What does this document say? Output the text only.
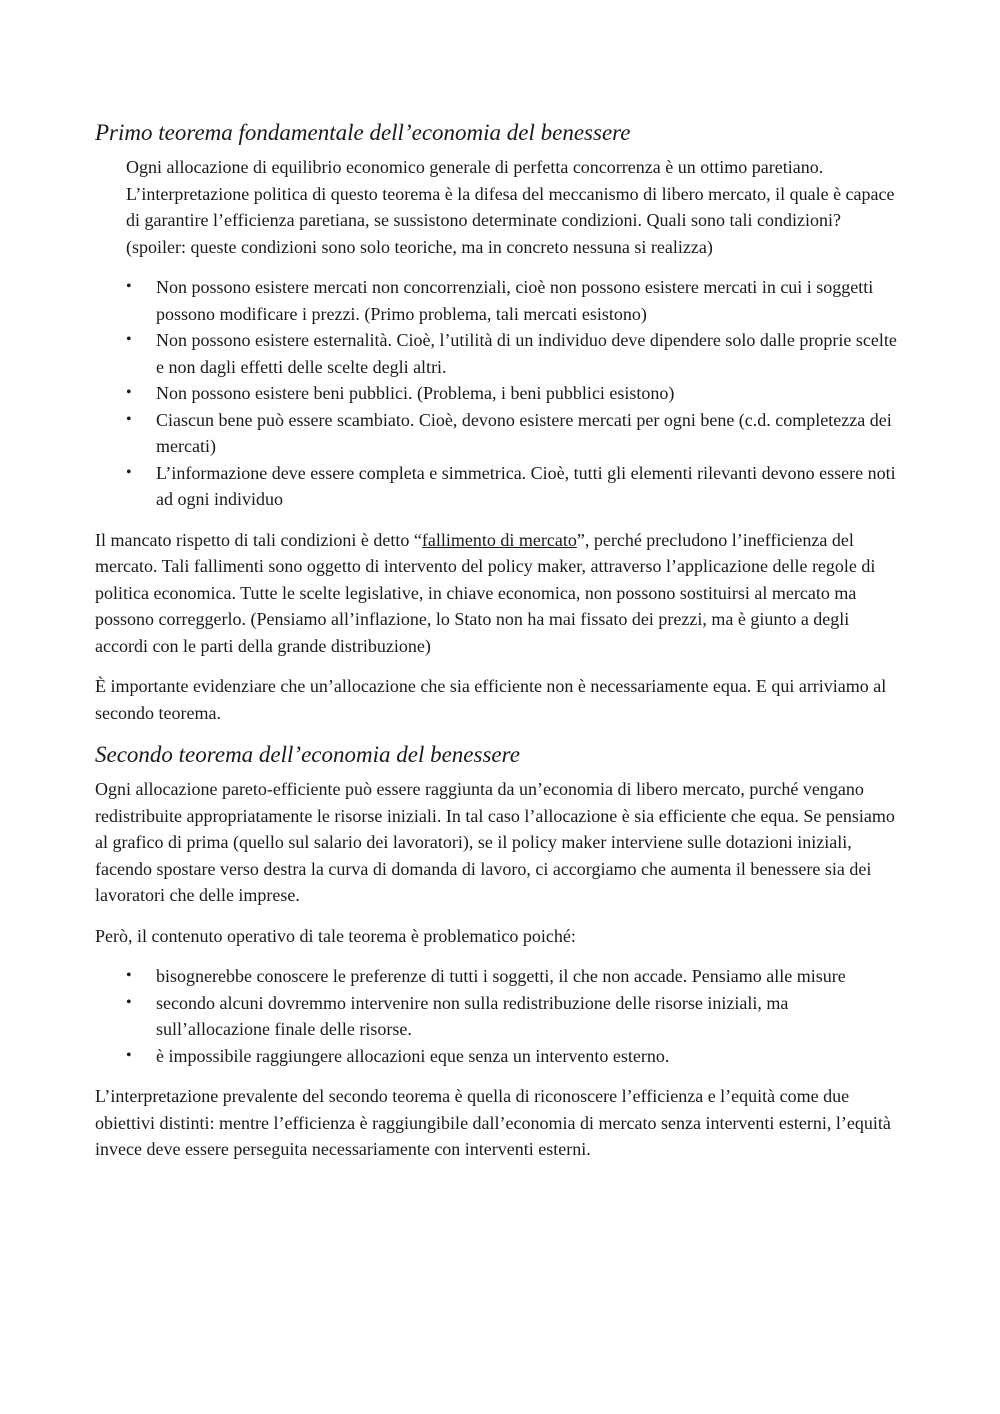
Primo teorema fondamentale dell’economia del benessere

Ogni allocazione di equilibrio economico generale di perfetta concorrenza è un ottimo paretiano. L’interpretazione politica di questo teorema è la difesa del meccanismo di libero mercato, il quale è capace di garantire l’efficienza paretiana, se sussistono determinate condizioni. Quali sono tali condizioni? (spoiler: queste condizioni sono solo teoriche, ma in concreto nessuna si realizza)

• Non possono esistere mercati non concorrenziali, cioè non possono esistere mercati in cui i soggetti possono modificare i prezzi. (Primo problema, tali mercati esistono)
• Non possono esistere esternalità. Cioè, l’utilità di un individuo deve dipendere solo dalle proprie scelte e non dagli effetti delle scelte degli altri.
• Non possono esistere beni pubblici. (Problema, i beni pubblici esistono)
• Ciascun bene può essere scambiato. Cioè, devono esistere mercati per ogni bene (c.d. completezza dei mercati)
• L’informazione deve essere completa e simmetrica. Cioè, tutti gli elementi rilevanti devono essere noti ad ogni individuo

Il mancato rispetto di tali condizioni è detto “fallimento di mercato”, perché precludono l’inefficienza del mercato. Tali fallimenti sono oggetto di intervento del policy maker, attraverso l’applicazione delle regole di politica economica. Tutte le scelte legislative, in chiave economica, non possono sostituirsi al mercato ma possono correggerlo. (Pensiamo all’inflazione, lo Stato non ha mai fissato dei prezzi, ma è giunto a degli accordi con le parti della grande distribuzione)

È importante evidenziare che un’allocazione che sia efficiente non è necessariamente equa. E qui arriviamo al secondo teorema.

Secondo teorema dell’economia del benessere

Ogni allocazione pareto-efficiente può essere raggiunta da un’economia di libero mercato, purché vengano redistribuite appropriatamente le risorse iniziali. In tal caso l’allocazione è sia efficiente che equa. Se pensiamo al grafico di prima (quello sul salario dei lavoratori), se il policy maker interviene sulle dotazioni iniziali, facendo spostare verso destra la curva di domanda di lavoro, ci accorgiamo che aumenta il benessere sia dei lavoratori che delle imprese.

Però, il contenuto operativo di tale teorema è problematico poiché:

• bisognerebbe conoscere le preferenze di tutti i soggetti, il che non accade. Pensiamo alle misure
• secondo alcuni dovremmo intervenire non sulla redistribuzione delle risorse iniziali, ma sull’allocazione finale delle risorse.
• è impossibile raggiungere allocazioni eque senza un intervento esterno.

L’interpretazione prevalente del secondo teorema è quella di riconoscere l’efficienza e l’equità come due obiettivi distinti: mentre l’efficienza è raggiungibile dall’economia di mercato senza interventi esterni, l’equità invece deve essere perseguita necessariamente con interventi esterni.
